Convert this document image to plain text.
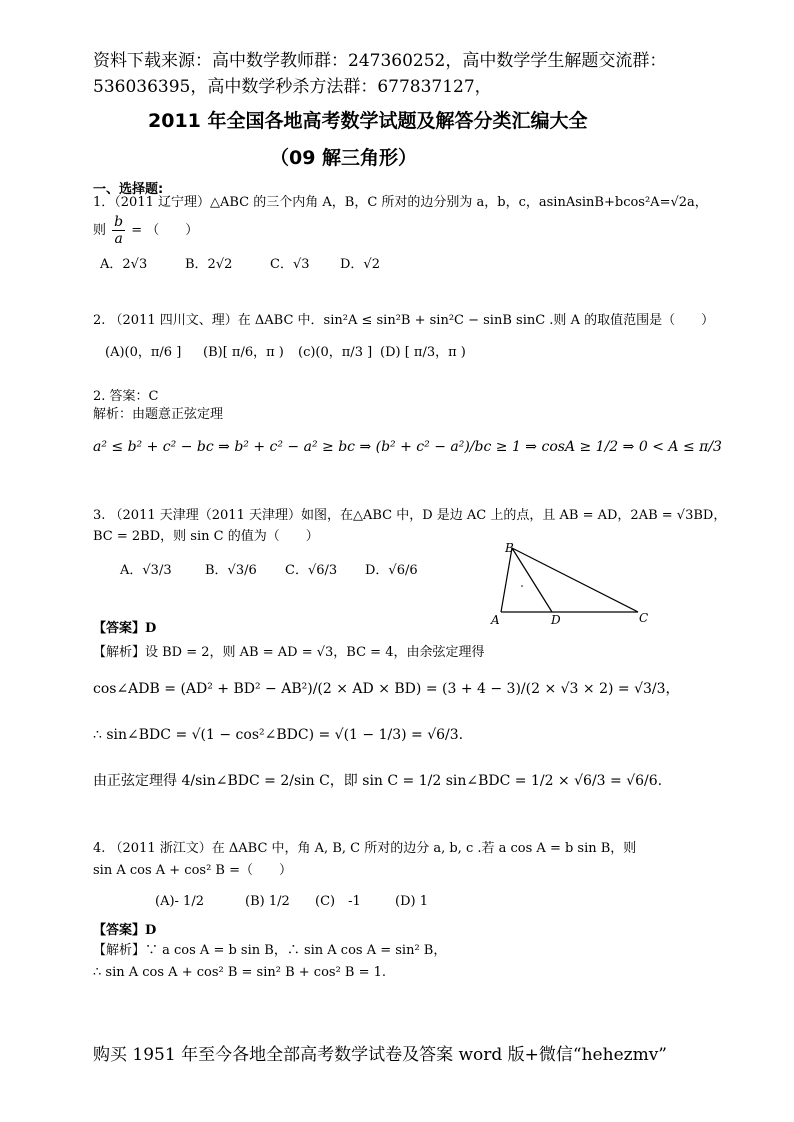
资料下载来源：高中数学教师群：247360252，高中数学学生解题交流群：
536036395，高中数学秒杀方法群：677837127，
2011 年全国各地高考数学试题及解答分类汇编大全
（09 解三角形）
一、选择题:
1．（2011 辽宁理）△ABC 的三个内角 A，B，C 所对的边分别为 a，b，c，asinAsinB+bcos²A=√2a，
则 $\frac{b}{a}$ = （　　）
A．2√3	B．2√2	C．√3 D．√2
2. （2011 四川文、理）在 ΔABC 中．sin²A ≤ sin²B + sin²C − sinB sinC .则 A 的取值范围是（　　）
(A)(0，π/6 ] (B)[ π/6，π ) (c)(0，π/3 ] (D) [ π/3，π )
2. 答案：C
解析：由题意正弦定理
a² ≤ b² + c² − bc ⇒ b² + c² − a² ≥ bc ⇒ (b² + c² − a²)/bc ≥ 1 ⇒ cosA ≥ 1/2 ⇒ 0 < A ≤ π/3
3. （2011 天津理（2011 天津理）如图，在△ABC 中，D 是边 AC 上的点，且 AB = AD，2AB = √3BD，
BC = 2BD，则 sin C 的值为（　　）
A．√3/3	B．√3/6 C．√6/3 D．√6/6
B
A	D	C
【答案】D
【解析】设 BD = 2，则 AB = AD = √3，BC = 4，由余弦定理得
cos∠ADB = (AD² + BD² − AB²)/(2 × AD × BD) = (3 + 4 − 3)/(2 × √3 × 2) = √3/3，
∴ sin∠BDC = √(1 − cos²∠BDC) = √(1 − 1/3) = √6/3.
由正弦定理得 4/sin∠BDC = 2/sin C，即 sin C = 1/2 sin∠BDC = 1/2 × √6/3 = √6/6.
4. （2011 浙江文）在 ΔABC 中，角 A, B, C 所对的边分 a, b, c .若 a cos A = b sin B，则
sin A cos A + cos² B =（　　）
(A)- 1/2	(B) 1/2 (C)　-1	(D) 1
【答案】D
【解析】∵ a cos A = b sin B，∴ sin A cos A = sin² B，
∴ sin A cos A + cos² B = sin² B + cos² B = 1.
购买 1951 年至今各地全部高考数学试卷及答案 word 版+微信“hehezmv”
